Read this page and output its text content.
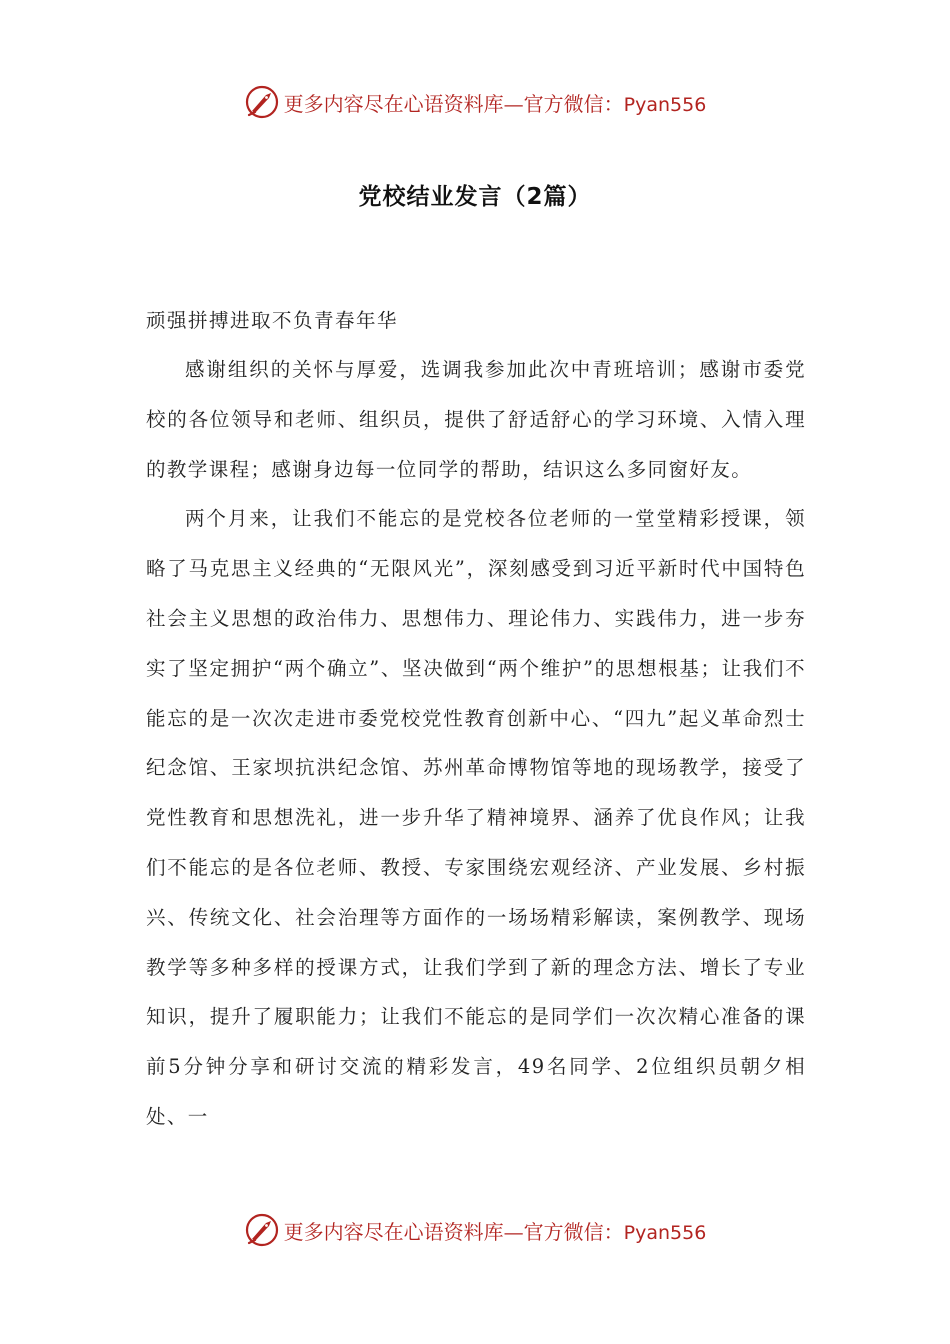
更多内容尽在心语资料库—官方微信：Pyan556
党校结业发言（2篇）
顽强拼搏进取不负青春年华

感谢组织的关怀与厚爱，选调我参加此次中青班培训；感谢市委党校的各位领导和老师、组织员，提供了舒适舒心的学习环境、入情入理的教学课程；感谢身边每一位同学的帮助，结识这么多同窗好友。

两个月来，让我们不能忘的是党校各位老师的一堂堂精彩授课，领略了马克思主义经典的“无限风光”，深刻感受到习近平新时代中国特色社会主义思想的政治伟力、思想伟力、理论伟力、实践伟力，进一步夯实了坚定拥护“两个确立”、坚决做到“两个维护”的思想根基；让我们不能忘的是一次次走进市委党校党性教育创新中心、“四九”起义革命烈士纪念馆、王家坝抗洪纪念馆、苏州革命博物馆等地的现场教学，接受了党性教育和思想洗礼，进一步升华了精神境界、涵养了优良作风；让我们不能忘的是各位老师、教授、专家围绕宏观经济、产业发展、乡村振兴、传统文化、社会治理等方面作的一场场精彩解读，案例教学、现场教学等多种多样的授课方式，让我们学到了新的理念方法、增长了专业知识，提升了履职能力；让我们不能忘的是同学们一次次精心准备的课前5分钟分享和研讨交流的精彩发言，49名同学、2位组织员朝夕相处、一

更多内容尽在心语资料库—官方微信：Pyan556
